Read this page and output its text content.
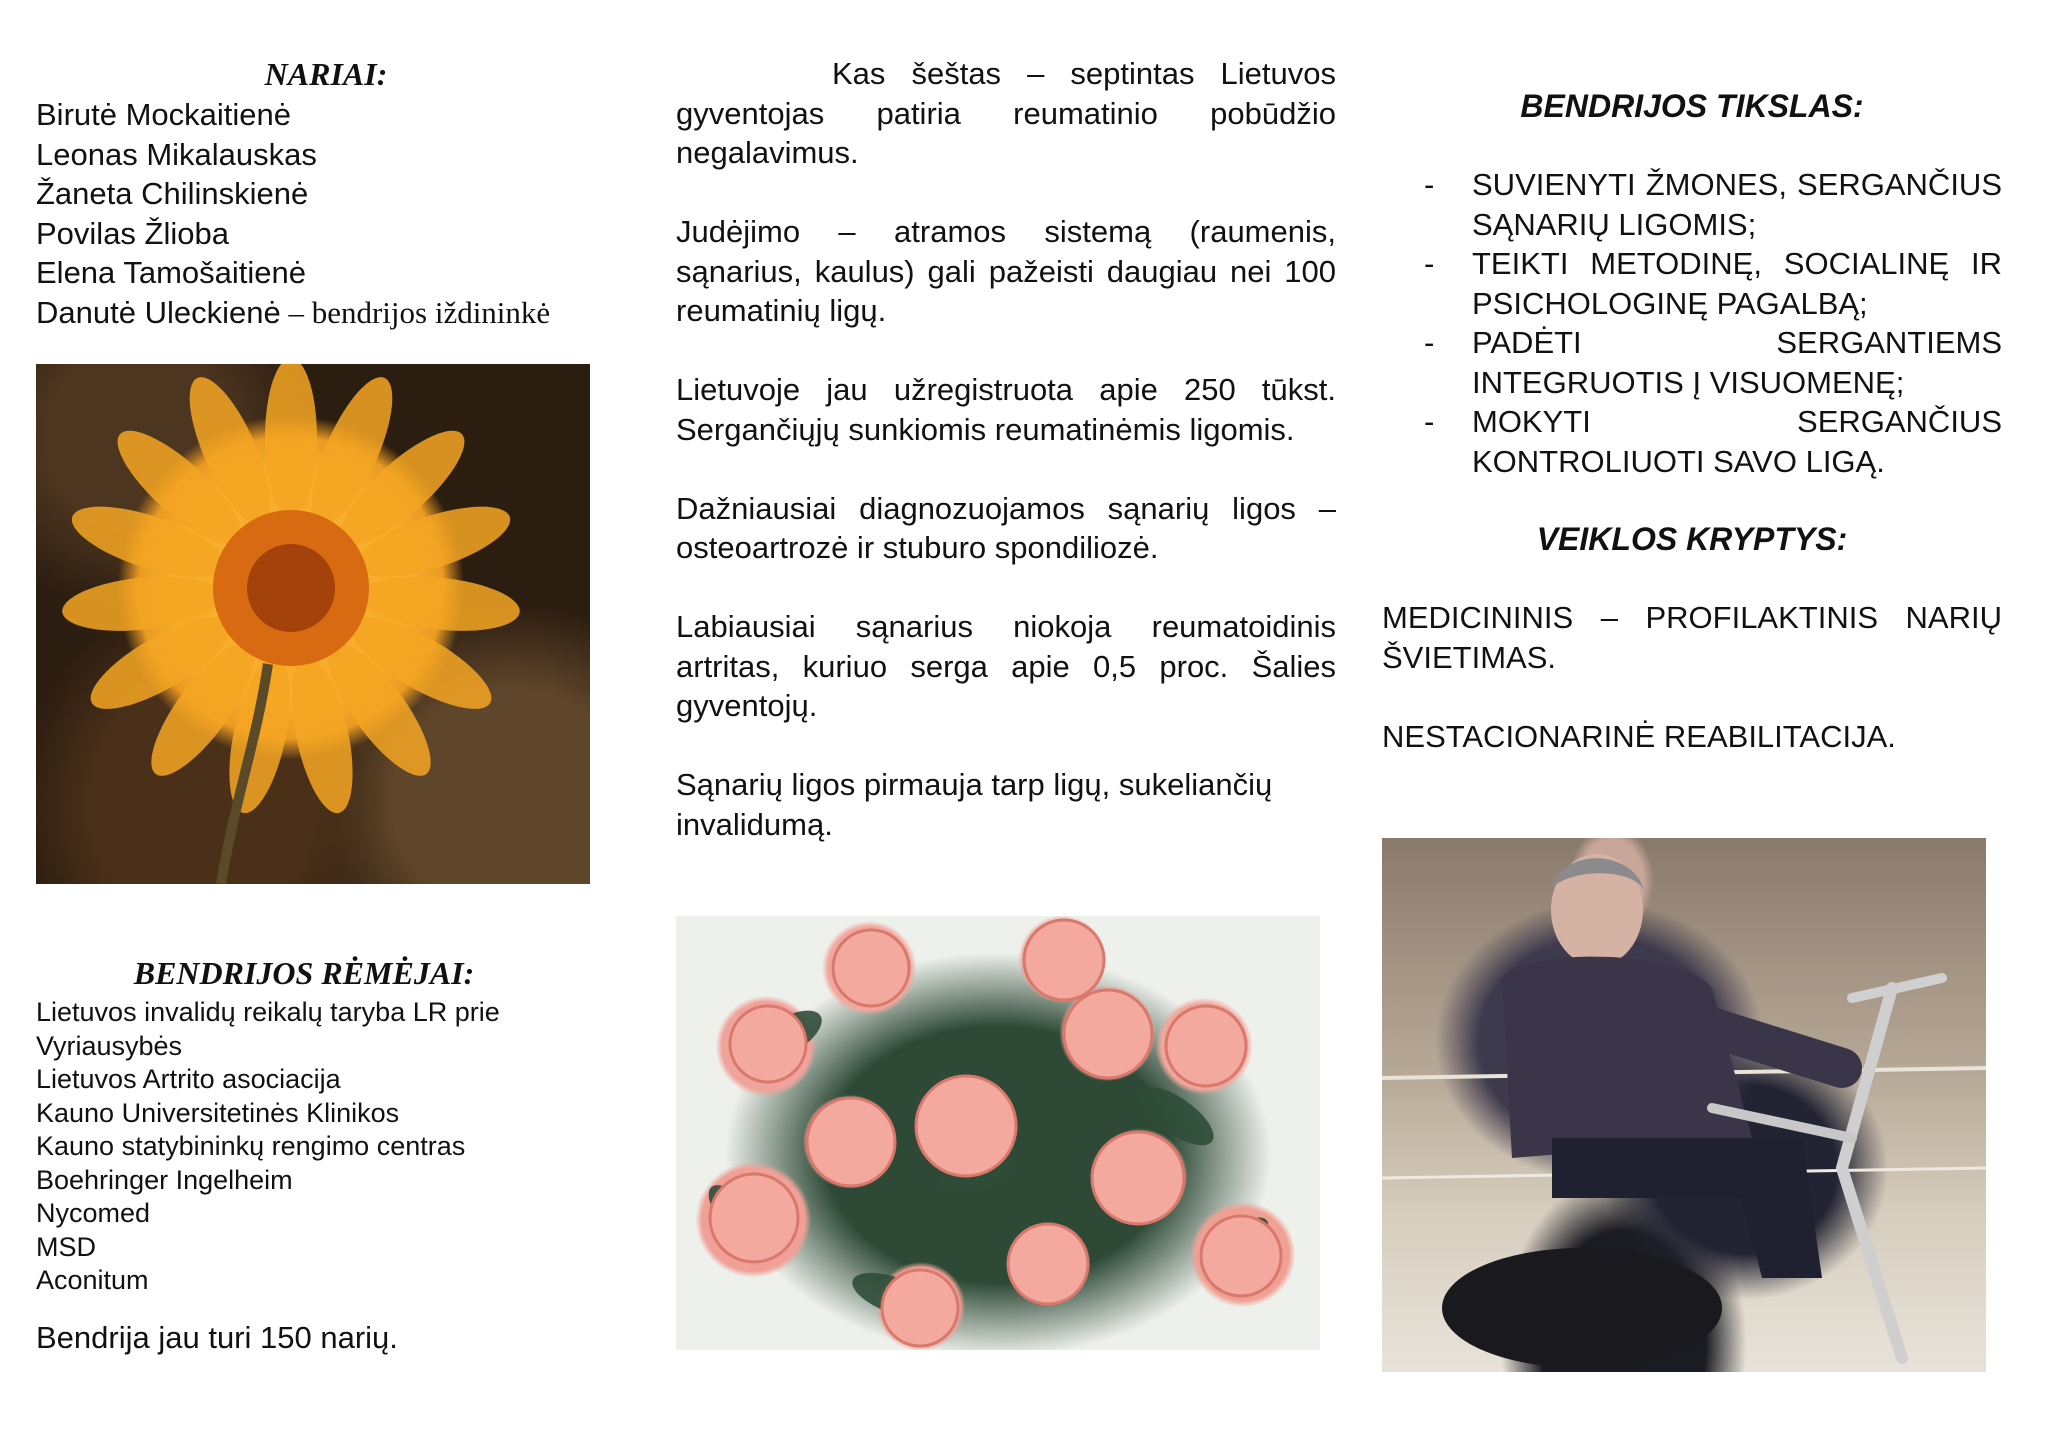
NARIAI:
Birutė Mockaitienė
Leonas Mikalauskas
Žaneta Chilinskienė
Povilas Žlioba
Elena Tamošaitienė
Danutė Uleckienė – bendrijos iždininkė
BENDRIJOS RĖMĖJAI:
Lietuvos invalidų reikalų taryba LR prie Vyriausybės
Lietuvos Artrito asociacija
Kauno Universitetinės Klinikos
Kauno statybininkų rengimo centras
Boehringer Ingelheim
Nycomed
MSD
Aconitum
Bendrija jau turi 150 narių.
Kas šeštas – septintas Lietuvos gyventojas patiria reumatinio pobūdžio negalavimus.
Judėjimo – atramos sistemą (raumenis, sąnarius, kaulus) gali pažeisti daugiau nei 100 reumatinių ligų.
Lietuvoje jau užregistruota apie 250 tūkst. Sergančiųjų sunkiomis reumatinėmis ligomis.
Dažniausiai diagnozuojamos sąnarių ligos – osteoartrozė ir stuburo spondiliozė.
Labiausiai sąnarius niokoja reumatoidinis artritas, kuriuo serga apie 0,5 proc. Šalies gyventojų.
Sąnarių ligos pirmauja tarp ligų, sukeliančių invalidumą.
BENDRIJOS TIKSLAS:
- SUVIENYTI ŽMONES, SERGANČIUS SĄNARIŲ LIGOMIS;
- TEIKTI METODINĘ, SOCIALINĘ IR PSICHOLOGINĘ PAGALBĄ;
- PADĖTI SERGANTIEMS INTEGRUOTIS Į VISUOMENĘ;
- MOKYTI SERGANČIUS KONTROLIUOTI SAVO LIGĄ.
VEIKLOS KRYPTYS:
MEDICININIS – PROFILAKTINIS NARIŲ ŠVIETIMAS.
NESTACIONARINĖ REABILITACIJA.
